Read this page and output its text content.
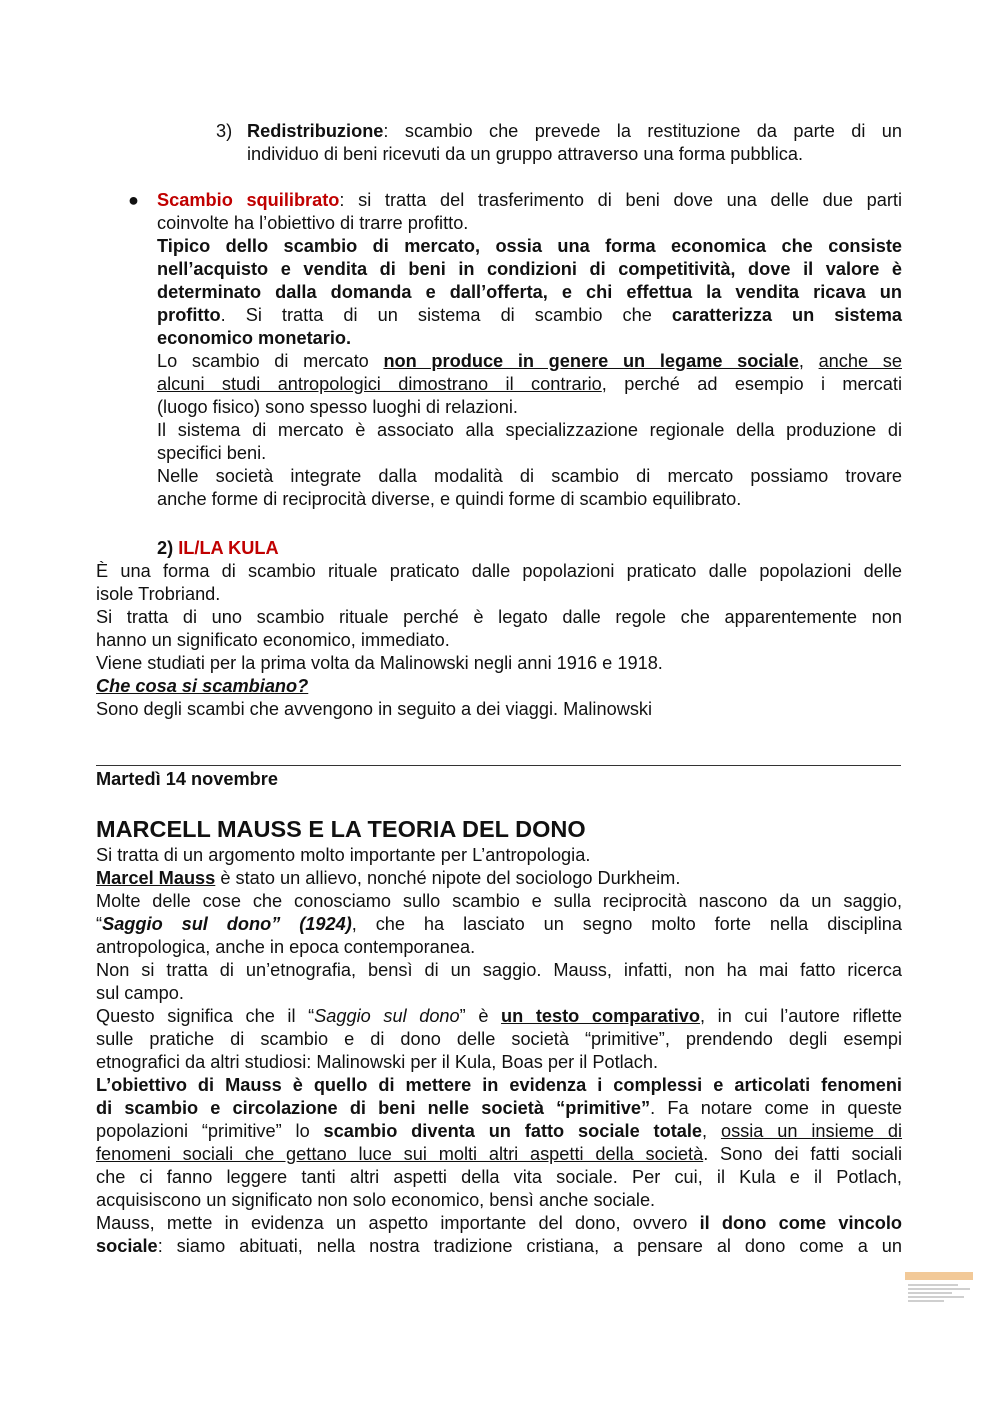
3) Redistribuzione: scambio che prevede la restituzione da parte di un
individuo di beni ricevuti da un gruppo attraverso una forma pubblica.
● Scambio squilibrato: si tratta del trasferimento di beni dove una delle due parti
coinvolte ha l’obiettivo di trarre profitto.
Tipico dello scambio di mercato, ossia una forma economica che consiste
nell’acquisto e vendita di beni in condizioni di competitività, dove il valore è
determinato dalla domanda e dall’offerta, e chi effettua la vendita ricava un
profitto. Si tratta di un sistema di scambio che caratterizza un sistema
economico monetario.
Lo scambio di mercato non produce in genere un legame sociale, anche se
alcuni studi antropologici dimostrano il contrario, perché ad esempio i mercati
(luogo fisico) sono spesso luoghi di relazioni.
Il sistema di mercato è associato alla specializzazione regionale della produzione di
specifici beni.
Nelle società integrate dalla modalità di scambio di mercato possiamo trovare
anche forme di reciprocità diverse, e quindi forme di scambio equilibrato.
2) IL/LA KULA
È una forma di scambio rituale praticato dalle popolazioni praticato dalle popolazioni delle
isole Trobriand.
Si tratta di uno scambio rituale perché è legato dalle regole che apparentemente non
hanno un significato economico, immediato.
Viene studiati per la prima volta da Malinowski negli anni 1916 e 1918.
Che cosa si scambiano?
Sono degli scambi che avvengono in seguito a dei viaggi. Malinowski
Martedì 14 novembre
MARCELL MAUSS E LA TEORIA DEL DONO
Si tratta di un argomento molto importante per L’antropologia.
Marcel Mauss è stato un allievo, nonché nipote del sociologo Durkheim.
Molte delle cose che conosciamo sullo scambio e sulla reciprocità nascono da un saggio,
“Saggio sul dono” (1924), che ha lasciato un segno molto forte nella disciplina
antropologica, anche in epoca contemporanea.
Non si tratta di un’etnografia, bensì di un saggio. Mauss, infatti, non ha mai fatto ricerca
sul campo.
Questo significa che il “Saggio sul dono” è un testo comparativo, in cui l’autore riflette
sulle pratiche di scambio e di dono delle società “primitive”, prendendo degli esempi
etnografici da altri studiosi: Malinowski per il Kula, Boas per il Potlach.
L’obiettivo di Mauss è quello di mettere in evidenza i complessi e articolati fenomeni
di scambio e circolazione di beni nelle società “primitive”. Fa notare come in queste
popolazioni “primitive” lo scambio diventa un fatto sociale totale, ossia un insieme di
fenomeni sociali che gettano luce sui molti altri aspetti della società. Sono dei fatti sociali
che ci fanno leggere tanti altri aspetti della vita sociale. Per cui, il Kula e il Potlach,
acquisiscono un significato non solo economico, bensì anche sociale.
Mauss, mette in evidenza un aspetto importante del dono, ovvero il dono come vincolo
sociale: siamo abituati, nella nostra tradizione cristiana, a pensare al dono come a un
